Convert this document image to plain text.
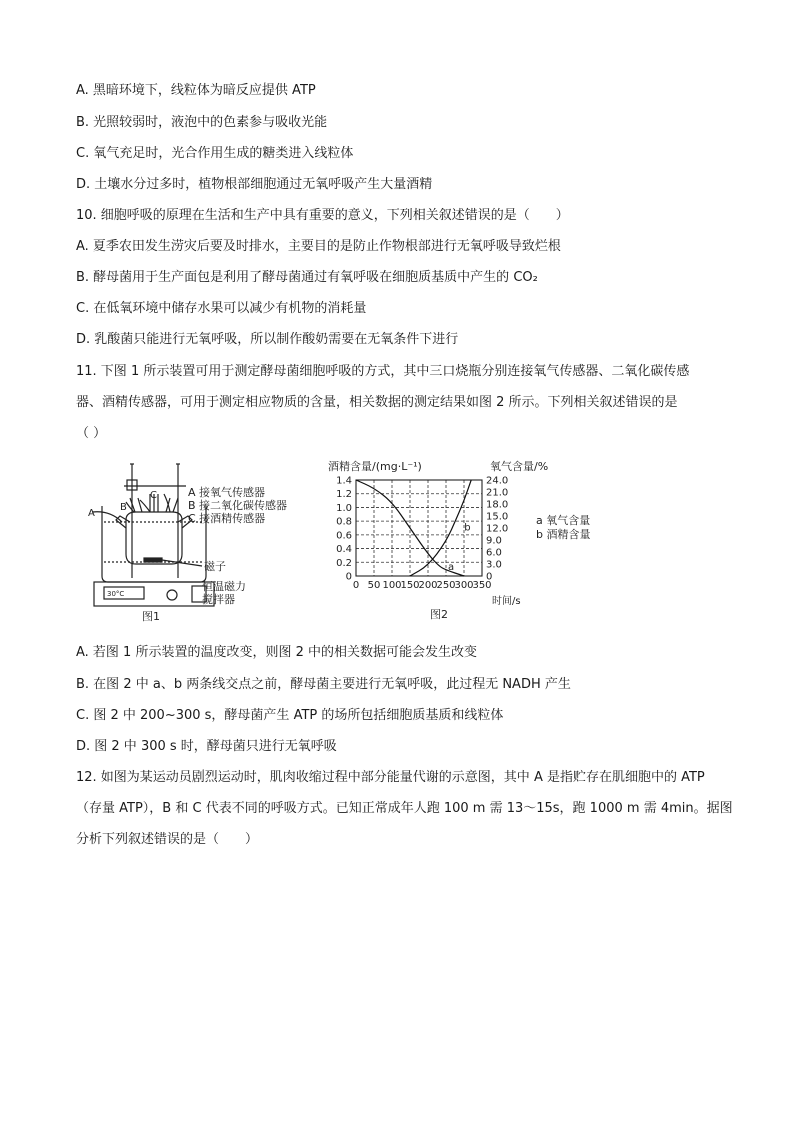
A. 黑暗环境下，线粒体为暗反应提供 ATP
B. 光照较弱时，液泡中的色素参与吸收光能
C. 氧气充足时，光合作用生成的糖类进入线粒体
D. 土壤水分过多时，植物根部细胞通过无氧呼吸产生大量酒精
10. 细胞呼吸的原理在生活和生产中具有重要的意义，下列相关叙述错误的是（　　）
A. 夏季农田发生涝灾后要及时排水，主要目的是防止作物根部进行无氧呼吸导致烂根
B. 酵母菌用于生产面包是利用了酵母菌通过有氧呼吸在细胞质基质中产生的 CO₂
C. 在低氧环境中储存水果可以减少有机物的消耗量
D. 乳酸菌只能进行无氧呼吸，所以制作酸奶需要在无氧条件下进行
11. 下图 1 所示装置可用于测定酵母菌细胞呼吸的方式，其中三口烧瓶分别连接氧气传感器、二氧化碳传感
器、酒精传感器，可用于测定相应物质的含量，相关数据的测定结果如图 2 所示。下列相关叙述错误的是
（ ）
A
B
C
30°C
A 接氧气传感器
B 接二氧化碳传感器
C 接酒精传感器
磁子
恒温磁力
搅拌器
图1
0 50 100
150
200
250
300
350
0
0.2
0.4
0.6
0.8
1.0
1.2
1.4
0
3.0
6.0
9.0
12.0
15.0
18.0
21.0
24.0
a
b
酒精含量/(mg·L⁻¹)	氧气含量/%
a 氧气含量
b 酒精含量
时间/s
图2
A. 若图 1 所示装置的温度改变，则图 2 中的相关数据可能会发生改变
B. 在图 2 中 a、b 两条线交点之前，酵母菌主要进行无氧呼吸，此过程无 NADH 产生
C. 图 2 中 200~300 s，酵母菌产生 ATP 的场所包括细胞质基质和线粒体
D. 图 2 中 300 s 时，酵母菌只进行无氧呼吸
12. 如图为某运动员剧烈运动时，肌肉收缩过程中部分能量代谢的示意图，其中 A 是指贮存在肌细胞中的 ATP
（存量 ATP），B 和 C 代表不同的呼吸方式。已知正常成年人跑 100 m 需 13～15s，跑 1000 m 需 4min。据图
分析下列叙述错误的是（　　）
